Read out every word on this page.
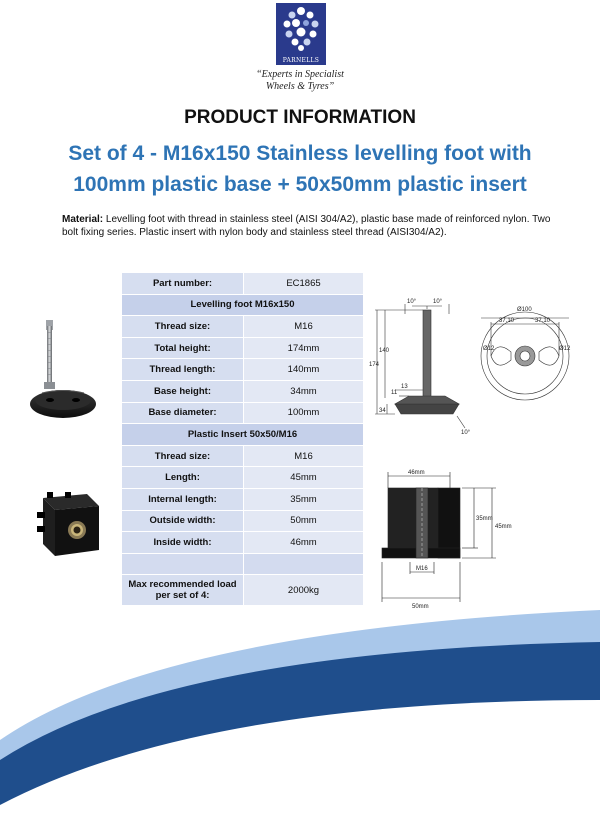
PARNELLS
“Experts in Specialist
Wheels & Tyres”
PRODUCT INFORMATION
Set of 4 - M16x150 Stainless levelling foot with 100mm plastic base + 50x50mm plastic insert
Material: Levelling foot with thread in stainless steel (AISI 304/A2), plastic base made of reinforced nylon. Two bolt fixing series. Plastic insert with nylon body and stainless steel thread (AISI304/A2).
Part number:	EC1865
Levelling foot M16x150	
Thread size:	M16
Total height:	174mm
Thread length:	140mm
Base height:	34mm
Base diameter:	100mm
Plastic Insert 50x50/M16	
Thread size:	M16
Length:	45mm
Internal length:	35mm
Outside width:	50mm
Inside width:	46mm

Max recommended load per set of 4:	2000kg
10°	10°
174
140
13
11
34
10°
Ø100
37.10	37.10
Ø12	Ø12
46mm
35mm
45mm
M16
50mm
